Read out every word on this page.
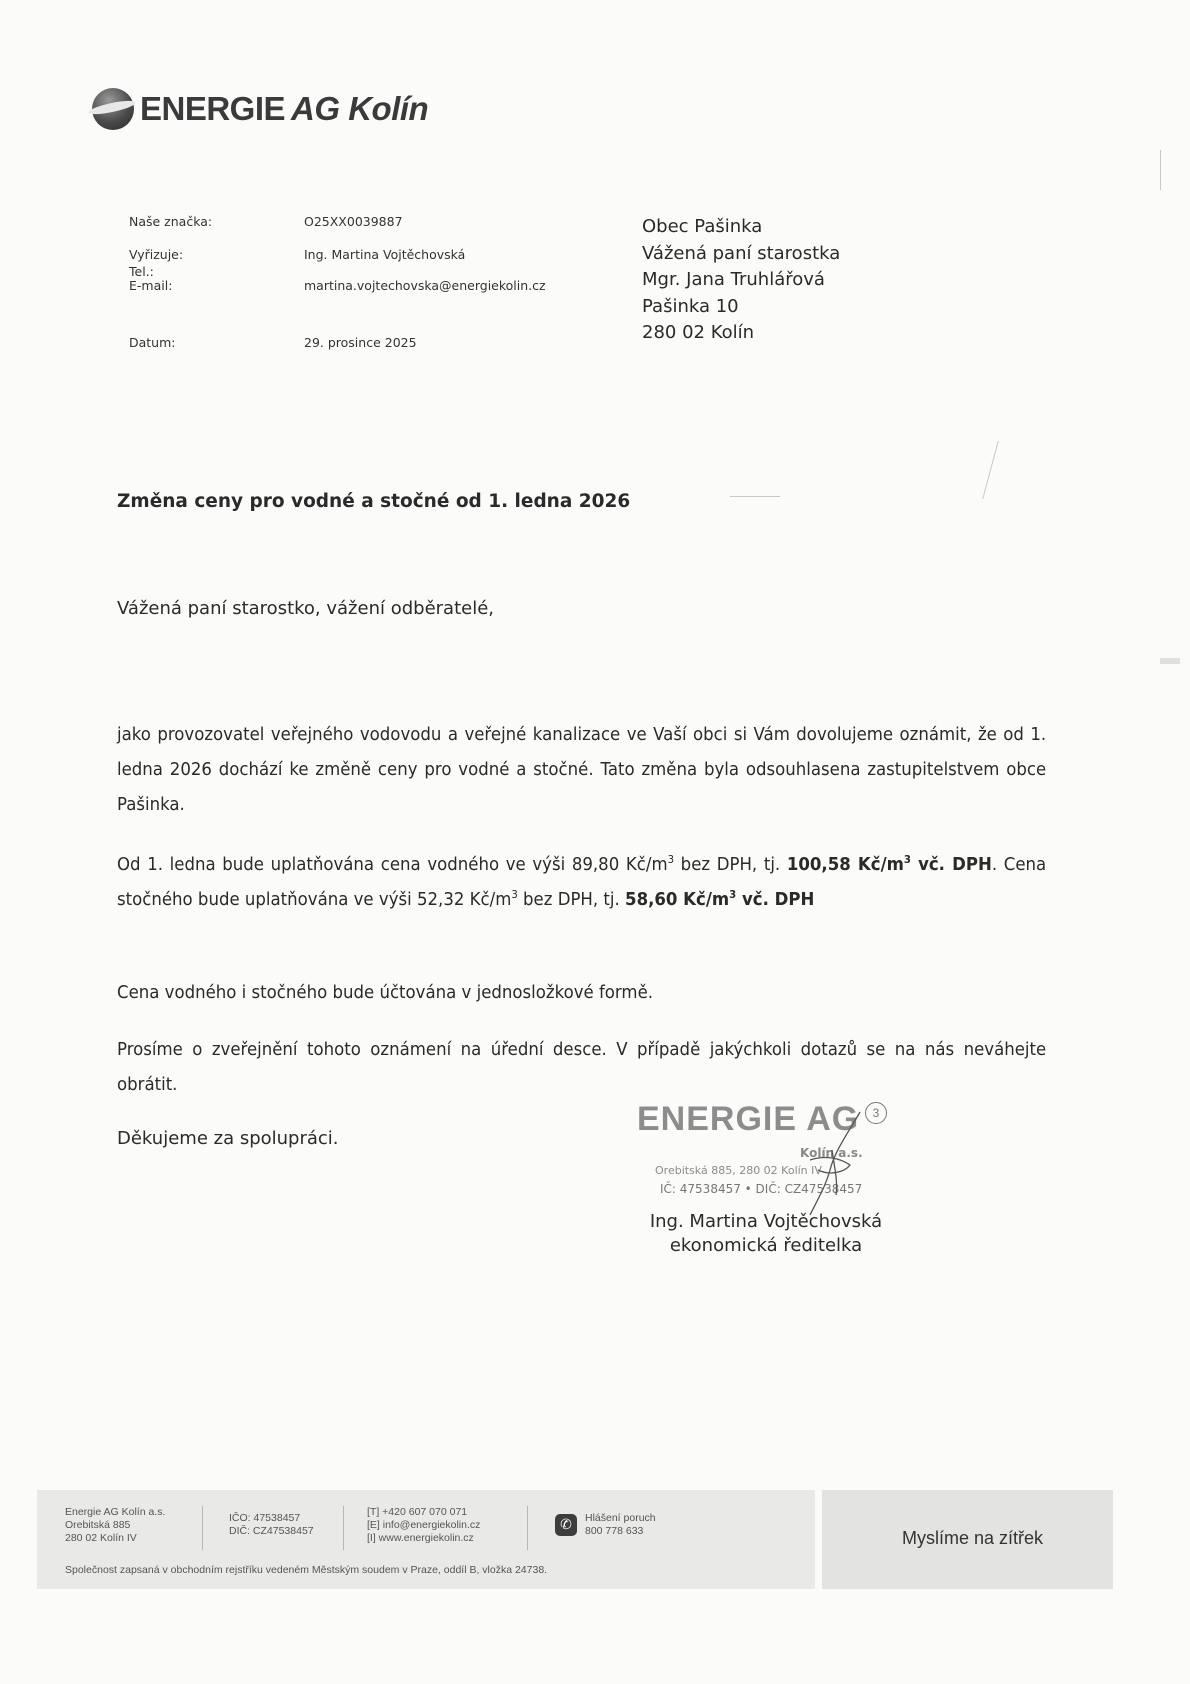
ENERGIE AG Kolín
Naše značka:	O25XX0039887
Vyřizuje:	Ing. Martina Vojtěchovská
Tel.:
E-mail:	martina.vojtechovska@energiekolin.cz
Datum:	29. prosince 2025
Obec Pašinka
Vážená paní starostka
Mgr. Jana Truhlářová
Pašinka 10
280 02 Kolín
Změna ceny pro vodné a stočné od 1. ledna 2026
Vážená paní starostko, vážení odběratelé,
jako provozovatel veřejného vodovodu a veřejné kanalizace ve Vaší obci si Vám dovolujeme oznámit, že od 1. ledna 2026 dochází ke změně ceny pro vodné a stočné. Tato změna byla odsouhlasena zastupitelstvem obce Pašinka.
Od 1. ledna bude uplatňována cena vodného ve výši 89,80 $Kč/m^3$ bez DPH, tj. 100,58 $Kč/m^3$ vč. DPH. Cena stočného bude uplatňována ve výši 52,32 $Kč/m^3$ bez DPH, tj. 58,60 $Kč/m^3$ vč. DPH
Cena vodného i stočného bude účtována v jednosložkové formě.
Prosíme o zveřejnění tohoto oznámení na úřední desce. V případě jakýchkoli dotazů se na nás neváhejte obrátit.
Děkujeme za spolupráci.
ENERGIE AG	3
Kolín a.s.
Orebitská 885, 280 02 Kolín IV
IČ: 47538457 • DIČ: CZ47538457
Ing. Martina Vojtěchovská
ekonomická ředitelka
Energie AG Kolín a.s.
Orebitská 885
280 02 Kolín IV
IČO: 47538457
DIČ: CZ47538457
[T] +420 607 070 071
[E] info@energiekolin.cz
[I] www.energiekolin.cz
✆	Hlášení poruch
800 778 633
Společnost zapsaná v obchodním rejstříku vedeném Městským soudem v Praze, oddíl B, vložka 24738.
Myslíme na zítřek
